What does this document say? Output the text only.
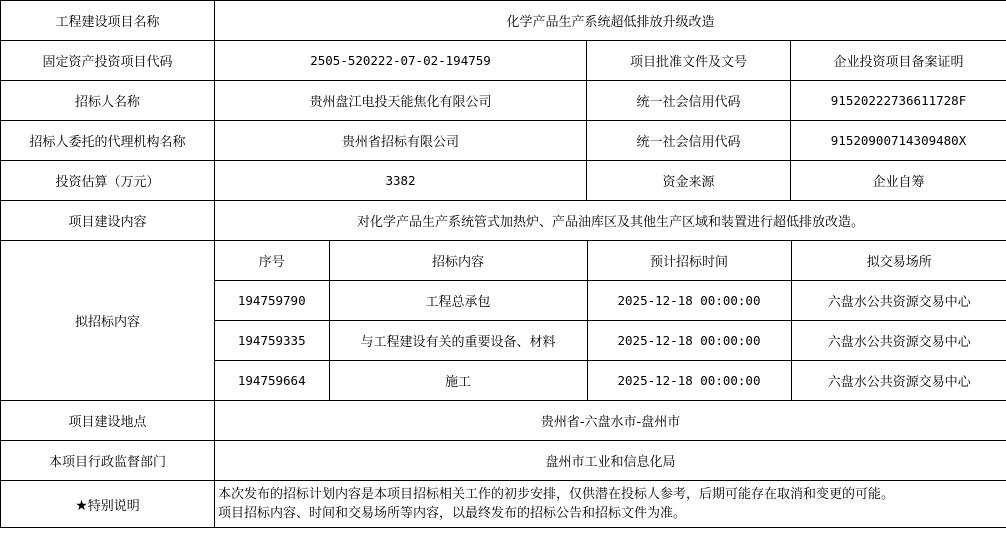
工程建设项目名称	化学产品生产系统超低排放升级改造
固定资产投资项目代码	2505-520222-07-02-194759	项目批准文件及文号	企业投资项目备案证明
招标人名称	贵州盘江电投天能焦化有限公司	统一社会信用代码	91520222736611728F
招标人委托的代理机构名称	贵州省招标有限公司	统一社会信用代码	91520900714309480X
投资估算（万元）	3382	资金来源	企业自筹
项目建设内容	对化学产品生产系统管式加热炉、产品油库区及其他生产区域和装置进行超低排放改造。
拟招标内容	
序号	招标内容	预计招标时间	拟交易场所
194759790	工程总承包	2025-12-18 00:00:00	六盘水公共资源交易中心
194759335	与工程建设有关的重要设备、材料	2025-12-18 00:00:00	六盘水公共资源交易中心
194759664	施工	2025-12-18 00:00:00	六盘水公共资源交易中心

项目建设地点	贵州省-六盘水市-盘州市
本项目行政监督部门	盘州市工业和信息化局
★特别说明	
本次发布的招标计划内容是本项目招标相关工作的初步安排，仅供潜在投标人参考，后期可能存在取消和变更的可能。
项目招标内容、时间和交易场所等内容，以最终发布的招标公告和招标文件为准。
